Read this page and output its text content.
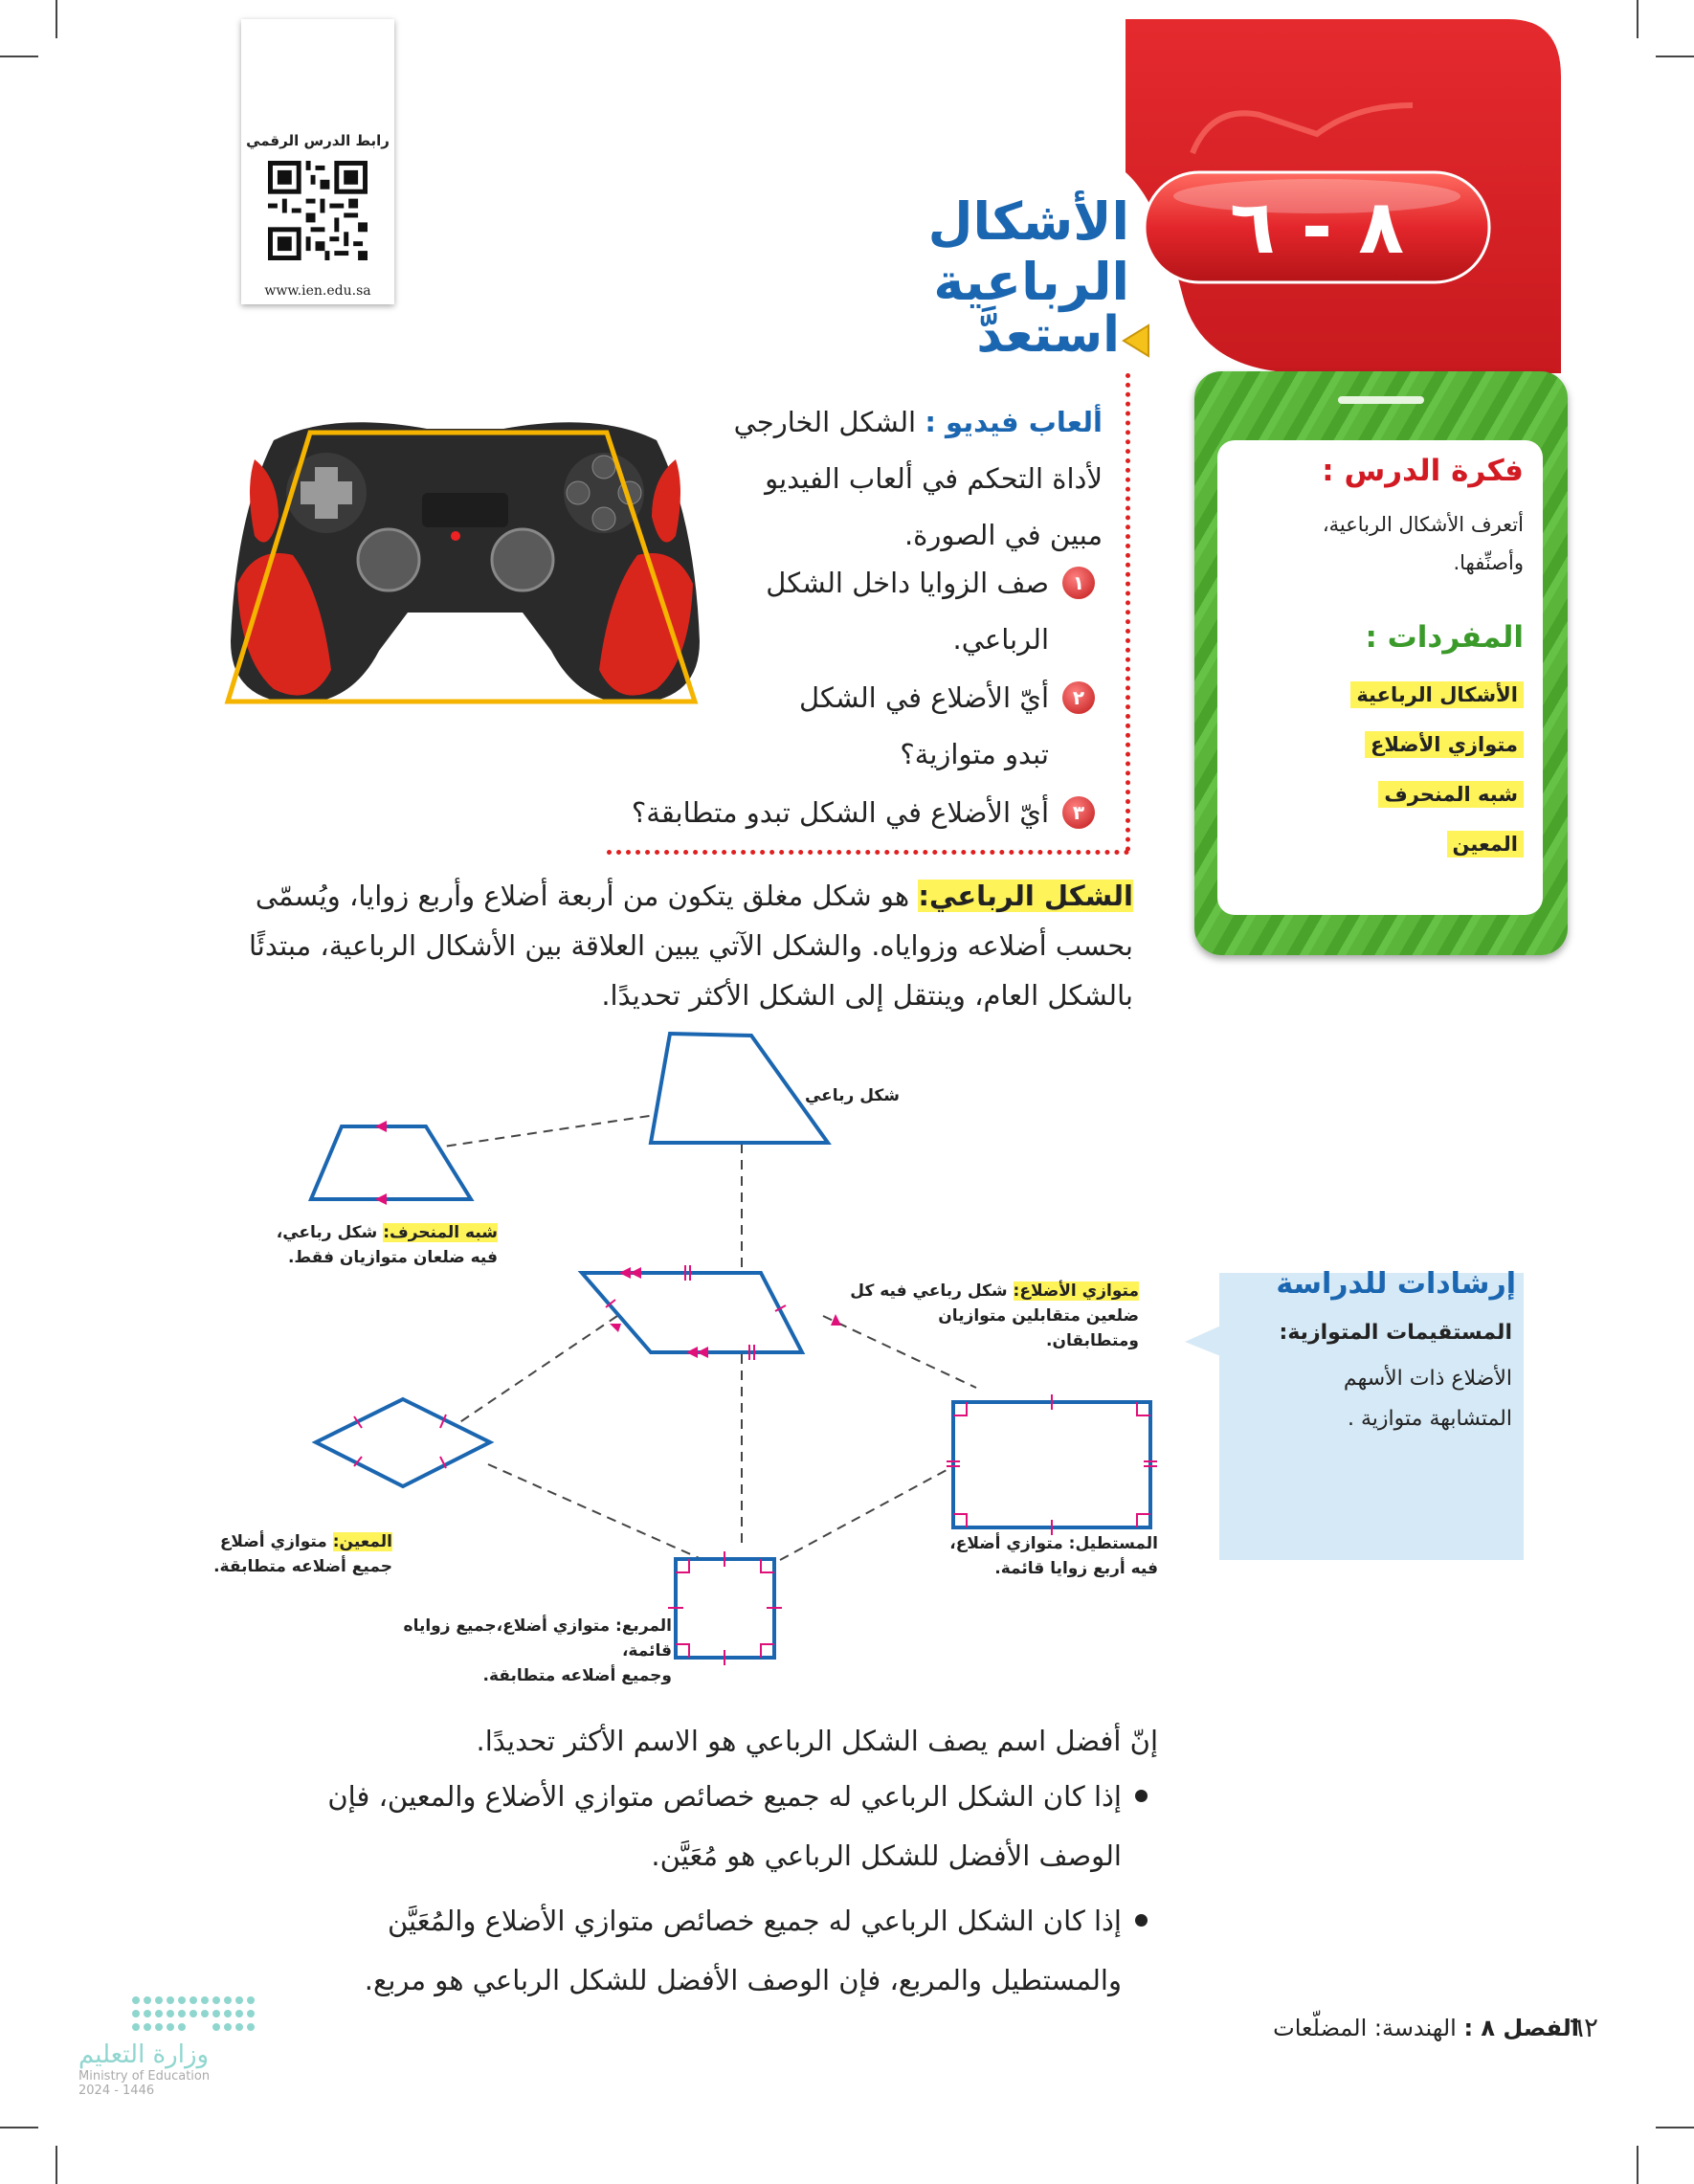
رابط الدرس الرقمي
www.ien.edu.sa
٨ - ٦
الأشكال الرباعية
استعدَّ
ألعاب فيديو : الشكل الخارجي
لأداة التحكم في ألعاب الفيديو
مبين في الصورة.
١
صف الزوايا داخل الشكل
الرباعي.
٢
أيّ الأضلاع في الشكل
تبدو متوازية؟
٣
أيّ الأضلاع في الشكل تبدو متطابقة؟
فكرة الدرس :
أتعرف الأشكال الرباعية،
وأصنِّفها.
المفردات :
الأشكال الرباعية
متوازي الأضلاع
شبه المنحرف
المعين
الشكل الرباعي: هو شكل مغلق يتكون من أربعة أضلاع وأربع زوايا، ويُسمّى
بحسب أضلاعه وزواياه. والشكل الآتي يبين العلاقة بين الأشكال الرباعية، مبتدئًا
بالشكل العام، وينتقل إلى الشكل الأكثر تحديدًا.
شكل رباعي
شبه المنحرف: شكل رباعي،
فيه ضلعان متوازيان فقط.
متوازي الأضلاع: شكل رباعي فيه كل
ضلعين متقابلين متوازيان ومتطابقان.
المعين: متوازي أضلاع
جميع أضلاعه متطابقة.
المستطيل: متوازي أضلاع،
فيه أربع زوايا قائمة.
المربع: متوازي أضلاع،جميع زواياه قائمة،
وجميع أضلاعه متطابقة.
إرشادات للدراسة
المستقيمات المتوازية:
الأضلاع ذات الأسهم
المتشابهة متوازية .
إنّ أفضل اسم يصف الشكل الرباعي هو الاسم الأكثر تحديدًا.
إذا كان الشكل الرباعي له جميع خصائص متوازي الأضلاع والمعين، فإن
الوصف الأفضل للشكل الرباعي هو مُعَيَّن.
إذا كان الشكل الرباعي له جميع خصائص متوازي الأضلاع والمُعَيَّن
والمستطيل والمربع، فإن الوصف الأفضل للشكل الرباعي هو مربع.
٦٢
الفصل ٨ : الهندسة: المضلّعات
وزارة التعليم
Ministry of Education
2024 - 1446
